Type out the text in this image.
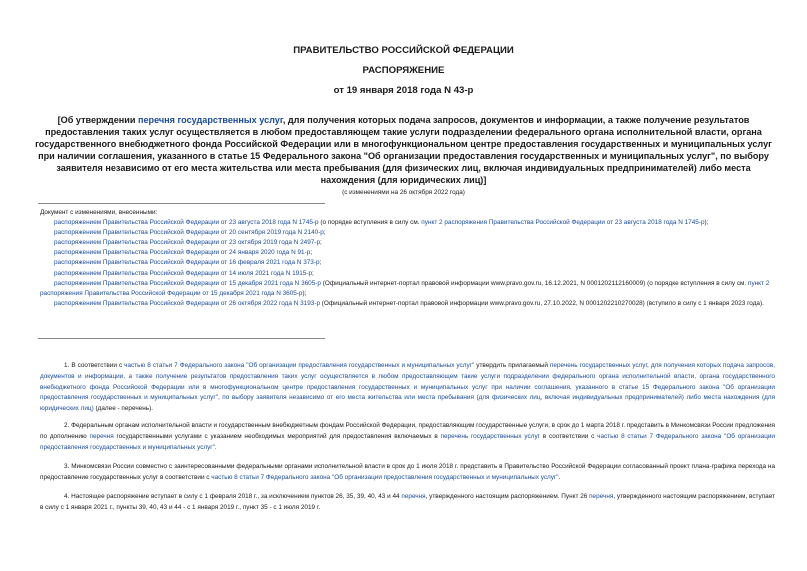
ПРАВИТЕЛЬСТВО РОССИЙСКОЙ ФЕДЕРАЦИИ
РАСПОРЯЖЕНИЕ
от 19 января 2018 года N 43-р
[Об утверждении перечня государственных услуг, для получения которых подача запросов, документов и информации, а также получение результатов предоставления таких услуг осуществляется в любом предоставляющем такие услуги подразделении федерального органа исполнительной власти, органа государственного внебюджетного фонда Российской Федерации или в многофункциональном центре предоставления государственных и муниципальных услуг при наличии соглашения, указанного в статье 15 Федерального закона "Об организации предоставления государственных и муниципальных услуг", по выбору заявителя независимо от его места жительства или места пребывания (для физических лиц, включая индивидуальных предпринимателей) либо места нахождения (для юридических лиц)]
(с изменениями на 26 октября 2022 года)
Документ с изменениями, внесенными:
распоряжением Правительства Российской Федерации от 23 августа 2018 года N 1745-р (о порядке вступления в силу см. пункт 2 распоряжения Правительства Российской Федерации от 23 августа 2018 года N 1745-р);
распоряжением Правительства Российской Федерации от 20 сентября 2019 года N 2140-р;
распоряжением Правительства Российской Федерации от 23 октября 2019 года N 2497-р;
распоряжением Правительства Российской Федерации от 24 января 2020 года N 91-р;
распоряжением Правительства Российской Федерации от 16 февраля 2021 года N 373-р;
распоряжением Правительства Российской Федерации от 14 июля 2021 года N 1915-р;
распоряжением Правительства Российской Федерации от 15 декабря 2021 года N 3605-р (Официальный интернет-портал правовой информации www.pravo.gov.ru, 16.12.2021, N 0001202112160009) (о порядке вступления в силу см. пункт 2 распоряжения Правительства Российской Федерации от 15 декабря 2021 года N 3605-р);
распоряжением Правительства Российской Федерации от 26 октября 2022 года N 3193-р (Официальный интернет-портал правовой информации www.pravo.gov.ru, 27.10.2022, N 0001202210270028) (вступило в силу с 1 января 2023 года).

1. В соответствии с частью 8 статьи 7 Федерального закона "Об организации предоставления государственных и муниципальных услуг" утвердить прилагаемый перечень государственных услуг, для получения которых подача запросов, документов и информации, а также получение результатов предоставления таких услуг осуществляется в любом предоставляющем такие услуги подразделении федерального органа исполнительной власти, органа государственного внебюджетного фонда Российской Федерации или в многофункциональном центре предоставления государственных и муниципальных услуг при наличии соглашения, указанного в статье 15 Федерального закона "Об организации предоставления государственных и муниципальных услуг", по выбору заявителя независимо от его места жительства или места пребывания (для физических лиц, включая индивидуальных предпринимателей) либо места нахождения (для юридических лиц) (далее - перечень).

2. Федеральным органам исполнительной власти и государственным внебюджетным фондам Российской Федерации, предоставляющим государственные услуги, в срок до 1 марта 2018 г. представить в Минкомсвязи России предложения по дополнению перечня государственными услугами с указанием необходимых мероприятий для предоставления включаемых в перечень государственных услуг в соответствии с частью 8 статьи 7 Федерального закона "Об организации предоставления государственных и муниципальных услуг".

3. Минкомсвязи России совместно с заинтересованными федеральными органами исполнительной власти в срок до 1 июля 2018 г. представить в Правительство Российской Федерации согласованный проект плана-графика перехода на предоставление государственных услуг в соответствии с частью 8 статьи 7 Федерального закона "Об организации предоставления государственных и муниципальных услуг".

4. Настоящее распоряжение вступает в силу с 1 февраля 2018 г., за исключением пунктов 26, 35, 39, 40, 43 и 44 перечня, утвержденного настоящим распоряжением. Пункт 26 перечня, утвержденного настоящим распоряжением, вступает в силу с 1 января 2021 г., пункты 39, 40, 43 и 44 - с 1 января 2019 г., пункт 35 - с 1 июля 2019 г.
